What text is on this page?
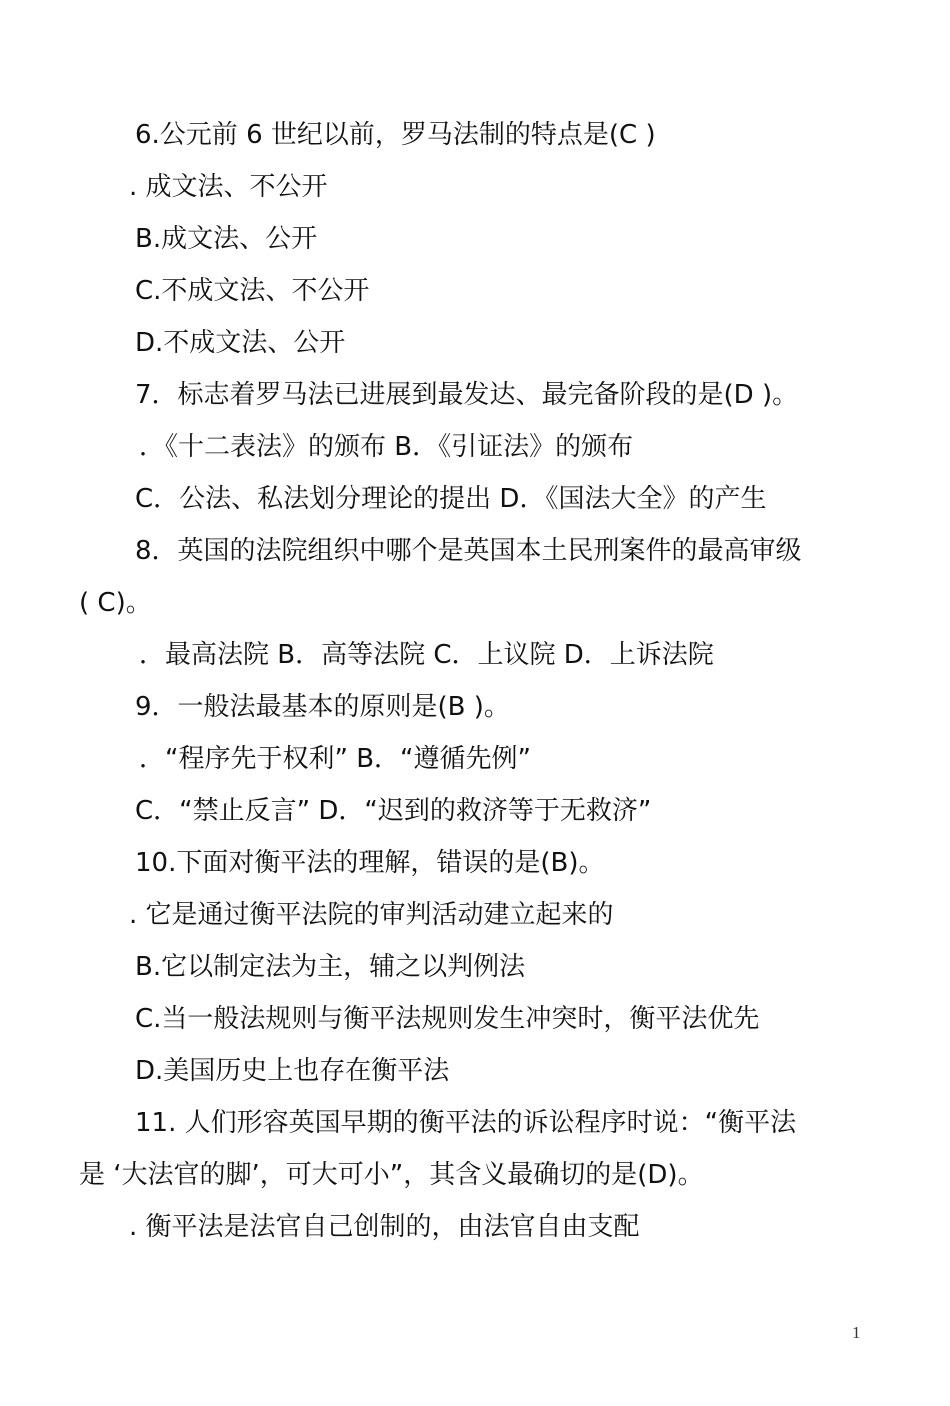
6.公元前 6 世纪以前，罗马法制的特点是(C )
. 成文法、不公开
B.成文法、公开
C.不成文法、不公开
D.不成文法、公开
7．标志着罗马法已进展到最发达、最完备阶段的是(D )。
．《十二表法》的颁布 B．《引证法》的颁布
C．公法、私法划分理论的提出 D．《国法大全》的产生
8．英国的法院组织中哪个是英国本土民刑案件的最高审级
( C)。
．最高法院 B．高等法院 C．上议院 D．上诉法院
9．一般法最基本的原则是(B )。
．“程序先于权利” B．“遵循先例”
C．“禁止反言” D．“迟到的救济等于无救济”
10.下面对衡平法的理解，错误的是(B)。
. 它是通过衡平法院的审判活动建立起来的
B.它以制定法为主，辅之以判例法
C.当一般法规则与衡平法规则发生冲突时，衡平法优先
D.美国历史上也存在衡平法
11. 人们形容英国早期的衡平法的诉讼程序时说：“衡平法
是 ‘大法官的脚’，可大可小”，其含义最确切的是(D)。
. 衡平法是法官自己创制的，由法官自由支配
1
